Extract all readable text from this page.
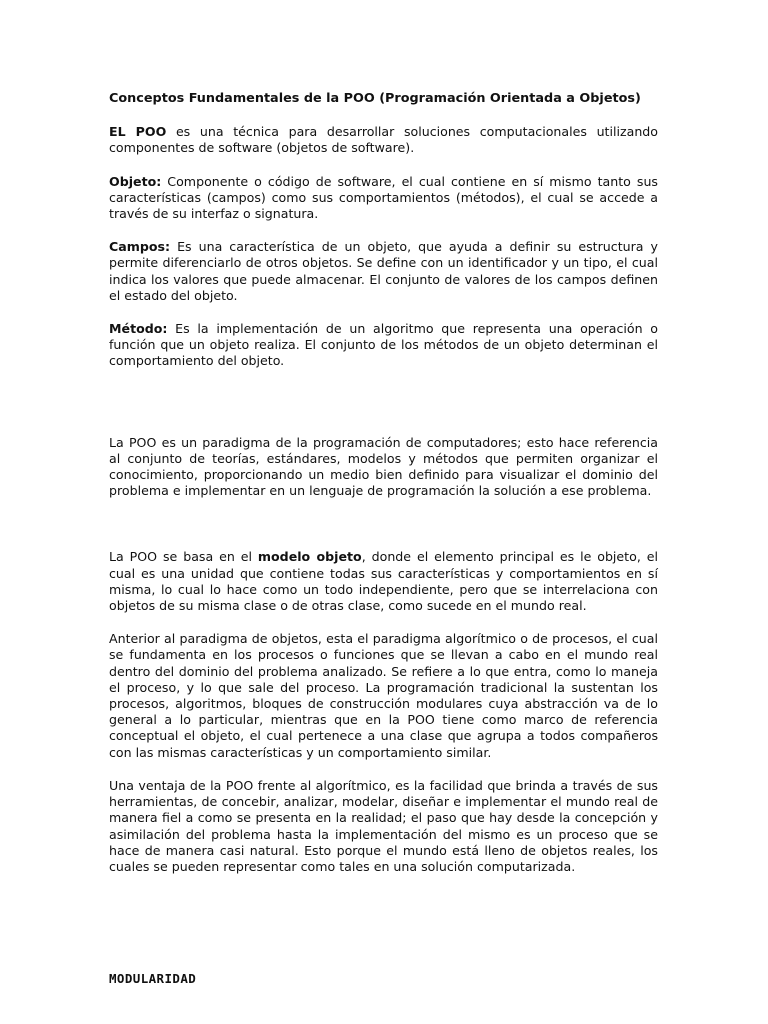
Conceptos Fundamentales de la POO (Programación Orientada a Objetos)

EL POO es una técnica para desarrollar soluciones computacionales utilizando componentes de software (objetos de software).

Objeto: Componente o código de software, el cual contiene en sí mismo tanto sus características (campos) como sus comportamientos (métodos), el cual se accede a través de su interfaz o signatura.

Campos: Es una característica de un objeto, que ayuda a definir su estructura y permite diferenciarlo de otros objetos. Se define con un identificador y un tipo, el cual indica los valores que puede almacenar. El conjunto de valores de los campos definen el estado del objeto.

Método: Es la implementación de un algoritmo que representa una operación o función que un objeto realiza. El conjunto de los métodos de un objeto determinan el comportamiento del objeto.

La POO es un paradigma de la programación de computadores; esto hace referencia al conjunto de teorías, estándares, modelos y métodos que permiten organizar el conocimiento, proporcionando un medio bien definido para visualizar el dominio del problema e implementar en un lenguaje de programación la solución a ese problema.

La POO se basa en el modelo objeto, donde el elemento principal es le objeto, el cual es una unidad que contiene todas sus características y comportamientos en sí misma, lo cual lo hace como un todo independiente, pero que se interrelaciona con objetos de su misma clase o de otras clase, como sucede en el mundo real.

Anterior al paradigma de objetos, esta el paradigma algorítmico o de procesos, el cual se fundamenta en los procesos o funciones que se llevan a cabo en el mundo real dentro del dominio del problema analizado. Se refiere a lo que entra, como lo maneja el proceso, y lo que sale del proceso. La programación tradicional la sustentan los procesos, algoritmos, bloques de construcción modulares cuya abstracción va de lo general a lo particular, mientras que en la POO tiene como marco de referencia conceptual el objeto, el cual pertenece a una clase que agrupa a todos compañeros con las mismas características y un comportamiento similar.

Una ventaja de la POO frente al algorítmico, es la facilidad que brinda a través de sus herramientas, de concebir, analizar, modelar, diseñar e implementar el mundo real de manera fiel a como se presenta en la realidad; el paso que hay desde la concepción y asimilación del problema hasta la implementación del mismo es un proceso que se hace de manera casi natural. Esto porque el mundo está lleno de objetos reales, los cuales se pueden representar como tales en una solución computarizada.

MODULARIDAD
